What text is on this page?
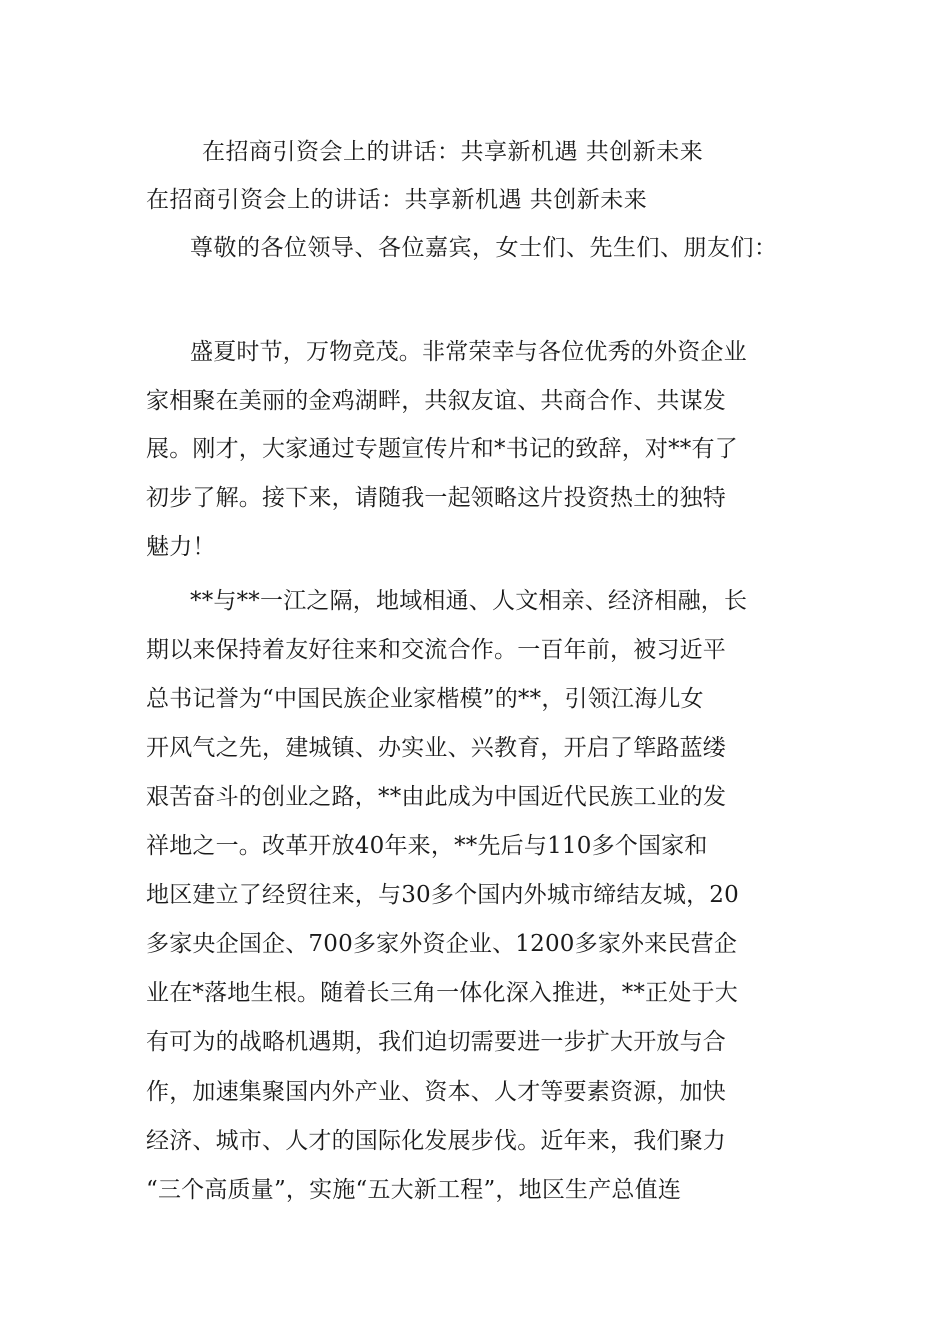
在招商引资会上的讲话：共享新机遇 共创新未来
在招商引资会上的讲话：共享新机遇 共创新未来
尊敬的各位领导、各位嘉宾，女士们、先生们、朋友们：
盛夏时节，万物竞茂。非常荣幸与各位优秀的外资企业
家相聚在美丽的金鸡湖畔，共叙友谊、共商合作、共谋发
展。刚才，大家通过专题宣传片和*书记的致辞，对**有了
初步了解。接下来，请随我一起领略这片投资热土的独特
魅力！
**与**一江之隔，地域相通、人文相亲、经济相融，长
期以来保持着友好往来和交流合作。一百年前，被习近平
总书记誉为“中国民族企业家楷模”的**，引领江海儿女
开风气之先，建城镇、办实业、兴教育，开启了筚路蓝缕
艰苦奋斗的创业之路，**由此成为中国近代民族工业的发
祥地之一。改革开放40年来，**先后与110多个国家和
地区建立了经贸往来，与30多个国内外城市缔结友城，20
多家央企国企、700多家外资企业、1200多家外来民营企
业在*落地生根。随着长三角一体化深入推进，**正处于大
有可为的战略机遇期，我们迫切需要进一步扩大开放与合
作，加速集聚国内外产业、资本、人才等要素资源，加快
经济、城市、人才的国际化发展步伐。近年来，我们聚力
“三个高质量”，实施“五大新工程”，地区生产总值连
